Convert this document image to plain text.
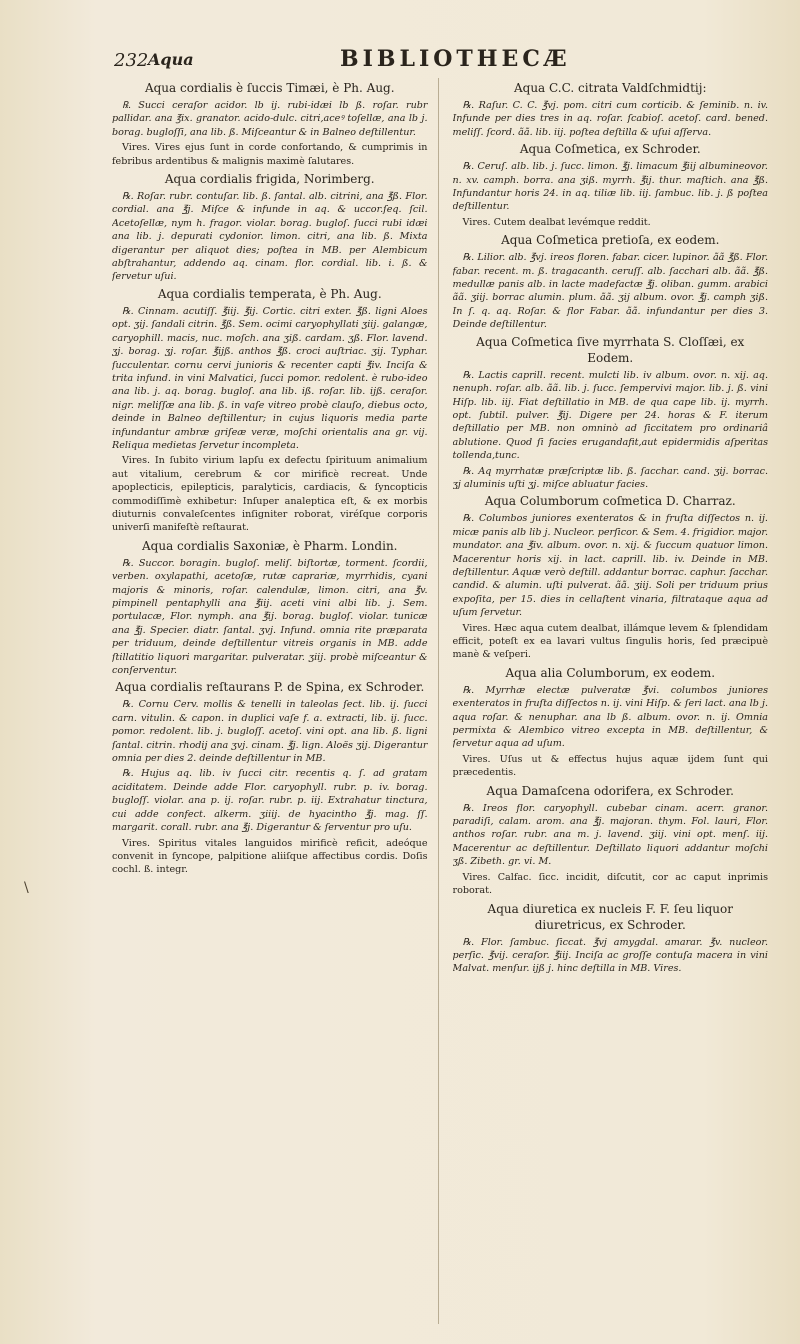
232 Aqua	BIBLIOTHECÆ
\
Aqua cordialis è ſuccis Timæi, è Ph. Aug.

℞. Succi ceraſor acidor. lb ij. rubi-idæi lb ß. roſar. rubr pallidar. ana ℥ix. granator. acido-dulc. citri,aceꝰ toſellæ, ana lb j. borag. bugloſſi, ana lib. ß. Miſceantur & in Balneo deſtillentur.

Vires. Vires ejus ſunt in corde confortando, & cumprimis in febribus ardentibus & malignis maximè ſalutares.

Aqua cordialis frigida, Norimberg.

℞. Roſar. rubr. contuſar. lib. ß. ſantal. alb. citrini, ana ℥ß. Flor. cordial. ana ℥j. Miſce & infunde in aq. & uccor.ſeq. ſcil. Acetoſellæ, nym h. fragor. violar. borag. bugloſ. ſucci rubi idæi ana lib. j. depurati cydonior. limon. citri, ana lib. ß. Mixta digerantur per aliquot dies; poſtea in MB. per Alembicum abſtrahantur, addendo aq. cinam. flor. cordial. lib. i. ß. & ſervetur uſui.

Aqua cordialis temperata, è Ph. Aug.

℞. Cinnam. acutiſſ. ℥iij. ℥ij. Cortic. citri exter. ℥ß. ligni Aloes opt. ʒij. ſandali citrin. ℥ß. Sem. ocimi caryophyllati ʒiij. galangæ, caryophill. macis, nuc. moſch. ana ʒiß. cardam. ʒß. Flor. lavend. ʒj. borag. ʒj. roſar. ℥ijß. anthos ℥ß. croci auſtriac. ʒij. Typhar. ſucculentar. cornu cervi junioris & recenter capti ℥iv. Inciſa & trita infund. in vini Malvatici, ſucci pomor. redolent. è rubo-ideo ana lib. j. aq. borag. bugloſ. ana lib. iß. roſar. lib. ijß. ceraſor. nigr. meliſſæ ana lib. ß. in vaſe vitreo probè clauſo, diebus octo, deinde in Balneo deſtillentur; in cujus liquoris media parte infundantur ambræ griſeæ veræ, moſchi orientalis ana gr. vij. Reliqua medietas ſervetur incompleta.

Vires. In ſubito virium lapſu ex defectu ſpirituum animalium aut vitalium, cerebrum & cor mirificè recreat. Unde apoplecticis, epilepticis, paralyticis, cardiacis, & ſyncopticis commodiſſimè exhibetur: Inſuper analeptica eſt, & ex morbis diuturnis convaleſcentes inſigniter roborat, viréſque corporis univerſi manifeſtè reſtaurat.

Aqua cordialis Saxoniæ, è Pharm. Londin.

℞. Succor. boragin. bugloſ. meliſ. biſtortæ, torment. ſcordii, verben. oxylapathi, acetoſæ, rutæ caprariæ, myrrhidis, cyani majoris & minoris, roſar. calendulæ, limon. citri, ana ℥v. pimpinell pentaphylli ana ℥iij. aceti vini albi lib. j. Sem. portulacæ, Flor. nymph. ana ℥ij. borag. bugloſ. violar. tunicæ ana ℥j. Specier. diatr. ſantal. ʒvj. Infund. omnia rite præparata per triduum, deinde deſtillentur vitreis organis in MB. adde ſtillatitio liquori margaritar. pulveratar. ʒiij. probè miſceantur & conſerventur.

Aqua cordialis reſtaurans P. de Spina, ex Schroder.

℞. Cornu Cerv. mollis & tenelli in taleolas ſect. lib. ij. ſucci carn. vitulin. & capon. in duplici vaſe f. a. extracti, lib. ij. ſucc. pomor. redolent. lib. j. bugloſſ. acetoſ. vini opt. ana lib. ß. ligni ſantal. citrin. rhodij ana ʒvj. cinam. ℥j. lign. Aloës ʒij. Digerantur omnia per dies 2. deinde deſtillentur in MB.

℞. Hujus aq. lib. iv ſucci citr. recentis q. ſ. ad gratam aciditatem. Deinde adde Flor. caryophyll. rubr. p. iv. borag. bugloſſ. violar. ana p. ij. roſar. rubr. p. iij. Extrahatur tinctura, cui adde confect. alkerm. ʒiiij. de hyacintho ℥j. mag. ſſ. margarit. corall. rubr. ana ℥j. Digerantur & ſerventur pro uſu.

Vires. Spiritus vitales languidos mirificè reficit, adeóque convenit in ſyncope, palpitione aliiſque affectibus cordis. Doſis cochl. ß. integr.

Aqua C.C. citrata Valdſchmidtij:

℞. Raſur. C. C. ℥vj. pom. citri cum corticib. & ſeminib. n. iv. Infunde per dies tres in aq. roſar. ſcabioſ. acetoſ. card. bened. meliſſ. ſcord. ãã. lib. iij. poſtea deſtilla & uſui aſſerva.

Aqua Coſmetica, ex Schroder.

℞. Ceruſ. alb. lib. j. ſucc. limon. ℥j. limacum ℥iij albumineovor. n. xv. camph. borra. ana ʒiß. myrrh. ℥ij. thur. maſtich. ana ℥ß. Infundantur horis 24. in aq. tiliæ lib. iij. ſambuc. lib. j. ß poſtea deſtillentur.

Vires. Cutem dealbat levémque reddit.

Aqua Coſmetica pretioſa, ex eodem.

℞. Lilior. alb. ℥vj. ireos floren. fabar. cicer. lupinor. ãã ℥ß. Flor. fabar. recent. m. ß. tragacanth. ceruſſ. alb. ſacchari alb. ãã. ℥ß. medullæ panis alb. in lacte madefactæ ℥j. oliban. gumm. arabici ãã. ʒiij. borrac alumin. plum. ãã. ʒij album. ovor. ℥j. camph ʒiß. In ſ. q. aq. Roſar. & flor Fabar. ãã. infundantur per dies 3. Deinde deſtillentur.

Aqua Coſmetica ſive myrrhata S. Cloſſæi, ex Eodem.

℞. Lactis caprill. recent. mulcti lib. iv album. ovor. n. xij. aq. nenuph. roſar. alb. ãã. lib. j. ſucc. ſempervivi major. lib. j. ß. vini Hiſp. lib. iij. Fiat deſtillatio in MB. de qua cape lib. ij. myrrh. opt. ſubtil. pulver. ℥ij. Digere per 24. horas & F. iterum deſtillatio per MB. non omninò ad ſiccitatem pro ordinariâ ablutione. Quod ſi facies erugandafit,aut epidermidis aſperitas tollenda,tunc.

℞. Aq myrrhatæ præſcriptæ lib. ß. ſacchar. cand. ʒij. borrac. ʒj aluminis uſti ʒj. miſce abluatur facies.

Aqua Columborum coſmetica D. Charraz.

℞. Columbos juniores exenteratos & in fruſta diſſectos n. ij. micæ panis alb lib j. Nucleor. perſicor. & Sem. 4. frigidior. major. mundator. ana ℥iv. album. ovor. n. xij. & ſuccum quatuor limon. Macerentur horis xij. in lact. caprill. lib. iv. Deinde in MB. deſtillentur. Aquæ verò deſtill. addantur borrac. caphur. ſacchar. candid. & alumin. uſti pulverat. ãã. ʒiij. Soli per triduum prius expoſita, per 15. dies in cellaſtent vinaria, filtrataque aqua ad uſum ſervetur.

Vires. Hæc aqua cutem dealbat, illámque levem & ſplendidam efficit, poteſt ex ea lavari vultus ſingulis horis, ſed præcipuè manè & veſperi.

Aqua alia Columborum, ex eodem.

℞. Myrrhæ electæ pulveratæ ℥vi. columbos juniores exenteratos in fruſta diſſectos n. ij. vini Hiſp. & ſeri lact. ana lb j. aqua roſar. & nenuphar. ana lb ß. album. ovor. n. ij. Omnia permixta & Alembico vitreo excepta in MB. deſtillentur, & ſervetur aqua ad uſum.

Vires. Uſus ut & effectus hujus aquæ ijdem ſunt qui præcedentis.

Aqua Damaſcena odorifera, ex Schroder.

℞. Ireos flor. caryophyll. cubebar cinam. acerr. granor. paradiſi, calam. arom. ana ℥j. majoran. thym. Fol. lauri, Flor. anthos roſar. rubr. ana m. j. lavend. ʒiij. vini opt. menſ. iij. Macerentur ac deſtillentur. Deſtillato liquori addantur moſchi ʒß. Zibeth. gr. vi. M.

Vires. Calfac. ſicc. incidit, diſcutit, cor ac caput inprimis roborat.

Aqua diuretica ex nucleis F. F. ſeu liquor diuretricus, ex Schroder.

℞. Flor. ſambuc. ſiccat. ℥vj amygdal. amarar. ℥v. nucleor. perſic. ℥vij. ceraſor. ℥iij. Inciſa ac groſſe contuſa macera in vini Malvat. menſur. ijß j. hinc deſtilla in MB. Vires.
